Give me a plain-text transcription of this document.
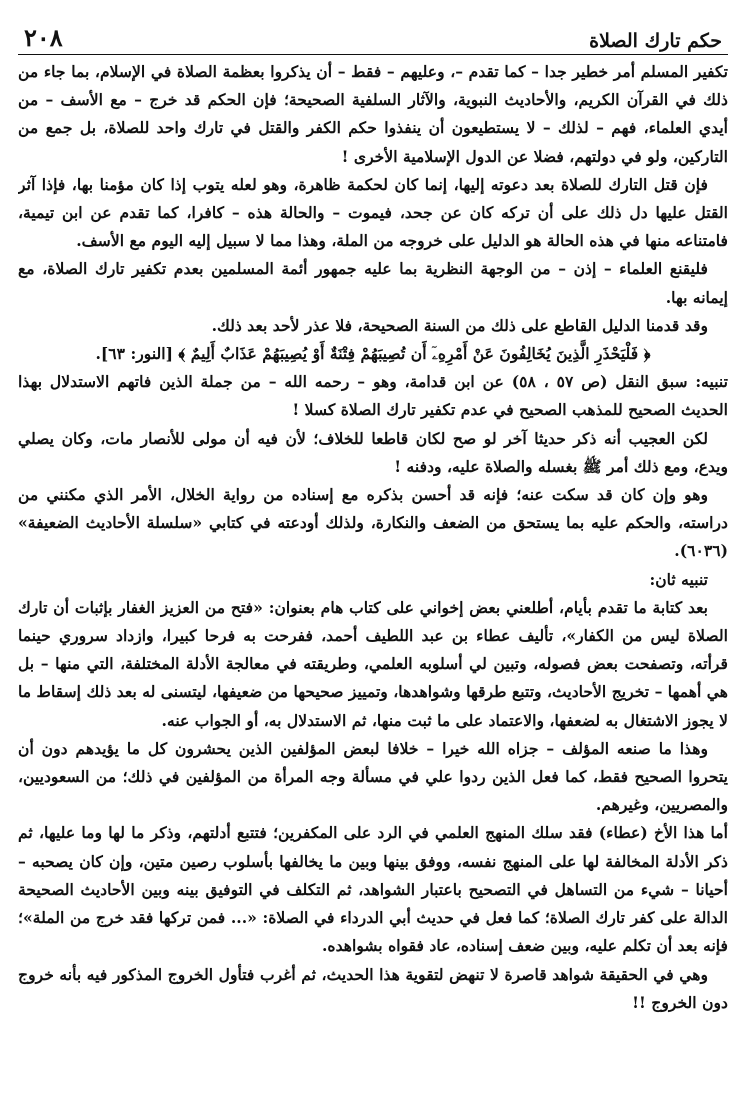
حكم تارك الصلاة
٢٠٨

تكفير المسلم أمر خطير جدا – كما تقدم –، وعليهم – فقط – أن يذكروا بعظمة الصلاة في الإسلام، بما جاء من ذلك في القرآن الكريم، والأحاديث النبوية، والآثار السلفية الصحيحة؛ فإن الحكم قد خرج – مع الأسف – من أيدي العلماء، فهم – لذلك – لا يستطيعون أن ينفذوا حكم الكفر والقتل في تارك واحد للصلاة، بل جمع من التاركين، ولو في دولتهم، فضلا عن الدول الإسلامية الأخرى !

فإن قتل التارك للصلاة بعد دعوته إليها، إنما كان لحكمة ظاهرة، وهو لعله يتوب إذا كان مؤمنا بها، فإذا آثر القتل عليها دل ذلك على أن تركه كان عن جحد، فيموت – والحالة هذه – كافرا، كما تقدم عن ابن تيمية، فامتناعه منها في هذه الحالة هو الدليل على خروجه من الملة، وهذا مما لا سبيل إليه اليوم مع الأسف.

فليقنع العلماء – إذن – من الوجهة النظرية بما عليه جمهور أئمة المسلمين بعدم تكفير تارك الصلاة، مع إيمانه بها.

وقد قدمنا الدليل القاطع على ذلك من السنة الصحيحة، فلا عذر لأحد بعد ذلك.

﴿ فَلْيَحْذَرِ الَّذِينَ يُخَالِفُونَ عَنْ أَمْرِهِۦٓ أَن تُصِيبَهُمْ فِتْنَةٌ أَوْ يُصِيبَهُمْ عَذَابٌ أَلِيمٌ ﴾ [النور: ٦٣].

تنبيه: سبق النقل (ص ٥٧ ، ٥٨) عن ابن قدامة، وهو – رحمه الله – من جملة الذين فاتهم الاستدلال بهذا الحديث الصحيح للمذهب الصحيح في عدم تكفير تارك الصلاة كسلا !

لكن العجيب أنه ذكر حديثا آخر لو صح لكان قاطعا للخلاف؛ لأن فيه أن مولى للأنصار مات، وكان يصلي ويدع، ومع ذلك أمر ﷺ بغسله والصلاة عليه، ودفنه !

وهو وإن كان قد سكت عنه؛ فإنه قد أحسن بذكره مع إسناده من رواية الخلال، الأمر الذي مكنني من دراسته، والحكم عليه بما يستحق من الضعف والنكارة، ولذلك أودعته في كتابي «سلسلة الأحاديث الضعيفة» (٦٠٣٦).

تنبيه ثان:

بعد كتابة ما تقدم بأيام، أطلعني بعض إخواني على كتاب هام بعنوان: «فتح من العزيز الغفار بإثبات أن تارك الصلاة ليس من الكفار»، تأليف عطاء بن عبد اللطيف أحمد، ففرحت به فرحا كبيرا، وازداد سروري حينما قرأته، وتصفحت بعض فصوله، وتبين لي أسلوبه العلمي، وطريقته في معالجة الأدلة المختلفة، التي منها – بل هي أهمها – تخريج الأحاديث، وتتبع طرقها وشواهدها، وتمييز صحيحها من ضعيفها، ليتسنى له بعد ذلك إسقاط ما لا يجوز الاشتغال به لضعفها، والاعتماد على ما ثبت منها، ثم الاستدلال به، أو الجواب عنه.

وهذا ما صنعه المؤلف – جزاه الله خيرا – خلافا لبعض المؤلفين الذين يحشرون كل ما يؤيدهم دون أن يتحروا الصحيح فقط، كما فعل الذين ردوا علي في مسألة وجه المرأة من المؤلفين في ذلك؛ من السعوديين، والمصريين، وغيرهم.

أما هذا الأخ (عطاء) فقد سلك المنهج العلمي في الرد على المكفرين؛ فتتبع أدلتهم، وذكر ما لها وما عليها، ثم ذكر الأدلة المخالفة لها على المنهج نفسه، ووفق بينها وبين ما يخالفها بأسلوب رصين متين، وإن كان يصحبه – أحيانا – شيء من التساهل في التصحيح باعتبار الشواهد، ثم التكلف في التوفيق بينه وبين الأحاديث الصحيحة الدالة على كفر تارك الصلاة؛ كما فعل في حديث أبي الدرداء في الصلاة: «... فمن تركها فقد خرج من الملة»؛ فإنه بعد أن تكلم عليه، وبين ضعف إسناده، عاد فقواه بشواهده.

وهي في الحقيقة شواهد قاصرة لا تنهض لتقوية هذا الحديث، ثم أغرب فتأول الخروج المذكور فيه بأنه خروج دون الخروج !!
